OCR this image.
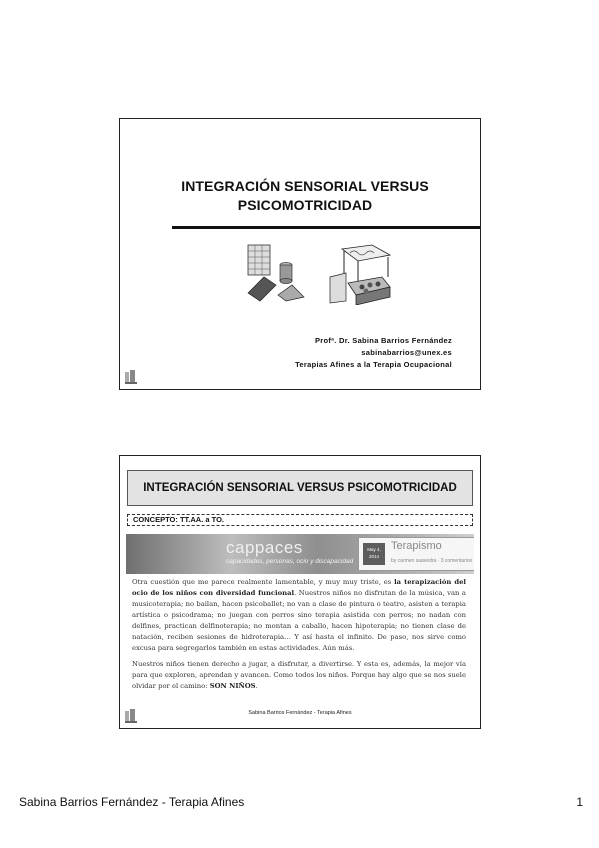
INTEGRACIÓN SENSORIAL VERSUS
PSICOMOTRICIDAD
Profª. Dr. Sabina Barrios Fernández
sabinabarrios@unex.es
Terapias Afines a la Terapia Ocupacional
INTEGRACIÓN SENSORIAL VERSUS PSICOMOTRICIDAD
CONCEPTO: TT.AA. a TO.
cappaces
capacidades, personas, ocio y discapacidad
May 4, 2014
Terapismo
by carmen saavedra · 3 comentarios

Otra cuestión que me parece realmente lamentable, y muy muy triste, es la terapización del ocio de los niños con diversidad funcional. Nuestros niños no disfrutan de la música, van a musicoterapia; no bailan, hacen psicoballet; no van a clase de pintura o teatro, asisten a terapia artística o psicodrama; no juegan con perros sino terapia asistida con perros; no nadan con delfines, practican delfinoterapia; no montan a caballo, hacen hipoterapia; no tienen clase de natación, reciben sesiones de hidroterapia… Y así hasta el infinito. De paso, nos sirve como excusa para segregarlos también en estas actividades. Aún más.

Nuestros niños tienen derecho a jugar, a disfrutar, a divertirse. Y esta es, además, la mejor vía para que exploren, aprendan y avancen. Como todos los niños. Porque hay algo que se nos suele olvidar por el camino: SON NIÑOS.

Sabina Barrios Fernández - Terapia Afines
Sabina Barrios Fernández - Terapia Afines	1
